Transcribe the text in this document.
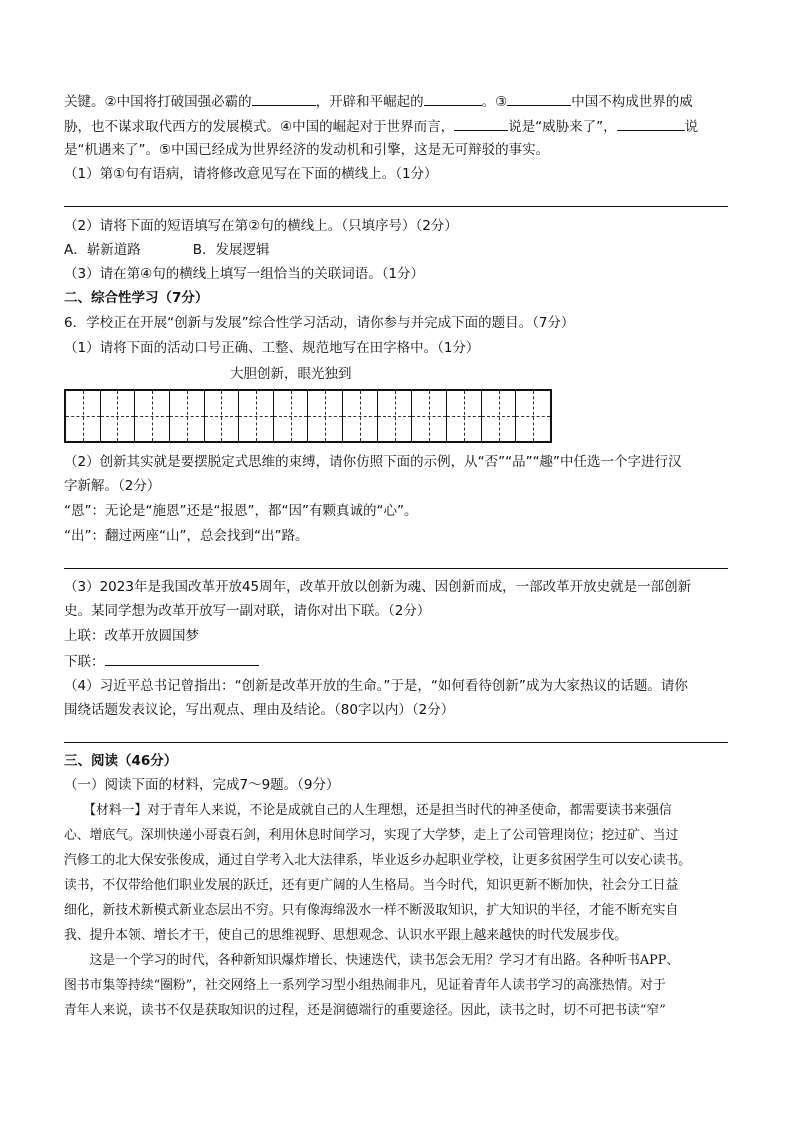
关键。②中国将打破国强必霸的	，开辟和平崛起的	。③	中国不构成世界的威
胁，也不谋求取代西方的发展模式。④中国的崛起对于世界而言，	说是“威胁来了”，	说
是“机遇来了”。⑤中国已经成为世界经济的发动机和引擎，这是无可辩驳的事实。
（1）第①句有语病，请将修改意见写在下面的横线上。（1分）
（2）请将下面的短语填写在第②句的横线上。（只填序号）（2分）
A．崭新道路	B．发展逻辑
（3）请在第④句的横线上填写一组恰当的关联词语。（1分）
二、综合性学习（7分）
6．学校正在开展“创新与发展”综合性学习活动，请你参与并完成下面的题目。（7分）
（1）请将下面的活动口号正确、工整、规范地写在田字格中。（1分）
大胆创新，眼光独到
（2）创新其实就是要摆脱定式思维的束缚，请你仿照下面的示例，从“否”“品”“趣”中任选一个字进行汉
字新解。（2分）
“恩”：无论是“施恩”还是“报恩”，都“因”有颗真诚的“心”。
“出”：翻过两座“山”，总会找到“出”路。
（3）2023年是我国改革开放45周年，改革开放以创新为魂、因创新而成，一部改革开放史就是一部创新
史。某同学想为改革开放写一副对联，请你对出下联。（2分）
上联：改革开放圆国梦
下联：
（4）习近平总书记曾指出：“创新是改革开放的生命。”于是，“如何看待创新”成为大家热议的话题。请你
围绕话题发表议论，写出观点、理由及结论。（80字以内）（2分）
三、阅读（46分）
（一）阅读下面的材料，完成7～9题。（9分）
　　【材料一】对于青年人来说，不论是成就自己的人生理想，还是担当时代的神圣使命，都需要读书来强信
心、增底气。深圳快递小哥袁石剑，利用休息时间学习，实现了大学梦，走上了公司管理岗位；挖过矿、当过
汽修工的北大保安张俊成，通过自学考入北大法律系，毕业返乡办起职业学校，让更多贫困学生可以安心读书。
读书，不仅带给他们职业发展的跃迁，还有更广阔的人生格局。当今时代，知识更新不断加快，社会分工日益
细化，新技术新模式新业态层出不穷。只有像海绵汲水一样不断汲取知识，扩大知识的半径，才能不断充实自
我、提升本领、增长才干，使自己的思维视野、思想观念、认识水平跟上越来越快的时代发展步伐。
　　这是一个学习的时代，各种新知识爆炸增长、快速迭代，读书怎会无用？学习才有出路。各种听书APP、
图书市集等持续“圈粉”，社交网络上一系列学习型小组热闹非凡，见证着青年人读书学习的高涨热情。对于
青年人来说，读书不仅是获取知识的过程，还是润德端行的重要途径。因此，读书之时，切不可把书读“窄”
